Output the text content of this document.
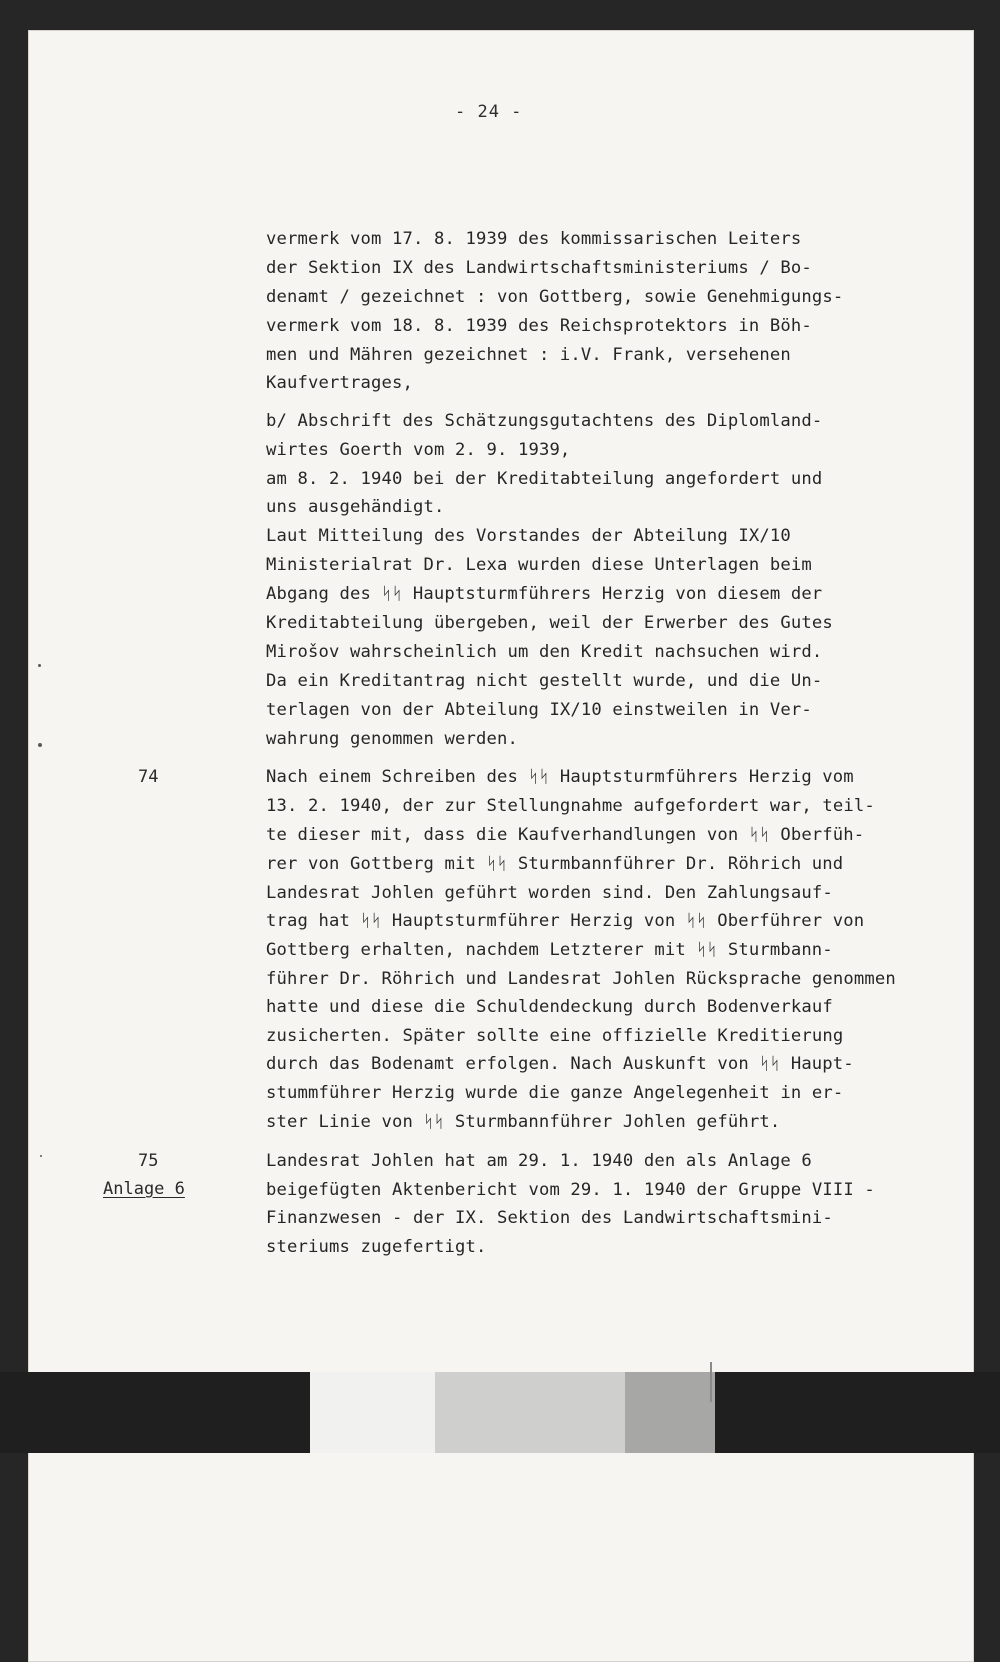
- 24 -

vermerk vom 17. 8. 1939 des kommissarischen Leiters

der Sektion IX des Landwirtschaftsministeriums / Bo-

denamt / gezeichnet : von Gottberg, sowie Genehmigungs-

vermerk vom 18. 8. 1939 des Reichsprotektors in Böh-

men und Mähren gezeichnet : i.V. Frank, versehenen

Kaufvertrages,

b/ Abschrift des Schätzungsgutachtens des Diplomland-

wirtes Goerth vom 2. 9. 1939,

am 8. 2. 1940 bei der Kreditabteilung angefordert und

uns ausgehändigt.

Laut Mitteilung des Vorstandes der Abteilung IX/10

Ministerialrat Dr. Lexa wurden diese Unterlagen beim

Abgang des ᛋᛋ Hauptsturmführers Herzig von diesem der

Kreditabteilung übergeben, weil der Erwerber des Gutes

Mirošov wahrscheinlich um den Kredit nachsuchen wird.

Da ein Kreditantrag nicht gestellt wurde, und die Un-

terlagen von der Abteilung IX/10 einstweilen in Ver-

wahrung genommen werden.

74	Nach einem Schreiben des ᛋᛋ Hauptsturmführers Herzig vom

13. 2. 1940, der zur Stellungnahme aufgefordert war, teil-

te dieser mit, dass die Kaufverhandlungen von ᛋᛋ Oberfüh-

rer von Gottberg mit ᛋᛋ Sturmbannführer Dr. Röhrich und

Landesrat Johlen geführt worden sind. Den Zahlungsauf-

trag hat ᛋᛋ Hauptsturmführer Herzig von ᛋᛋ Oberführer von

Gottberg erhalten, nachdem Letzterer mit ᛋᛋ Sturmbann-

führer Dr. Röhrich und Landesrat Johlen Rücksprache genommen

hatte und diese die Schuldendeckung durch Bodenverkauf

zusicherten. Später sollte eine offizielle Kreditierung

durch das Bodenamt erfolgen. Nach Auskunft von ᛋᛋ Haupt-

stummführer Herzig wurde die ganze Angelegenheit in er-

ster Linie von ᛋᛋ Sturmbannführer Johlen geführt.

75

Anlage 6

Landesrat Johlen hat am 29. 1. 1940 den als Anlage 6

beigefügten Aktenbericht vom 29. 1. 1940 der Gruppe VIII -

Finanzwesen - der IX. Sektion des Landwirtschaftsmini-

steriums zugefertigt.
